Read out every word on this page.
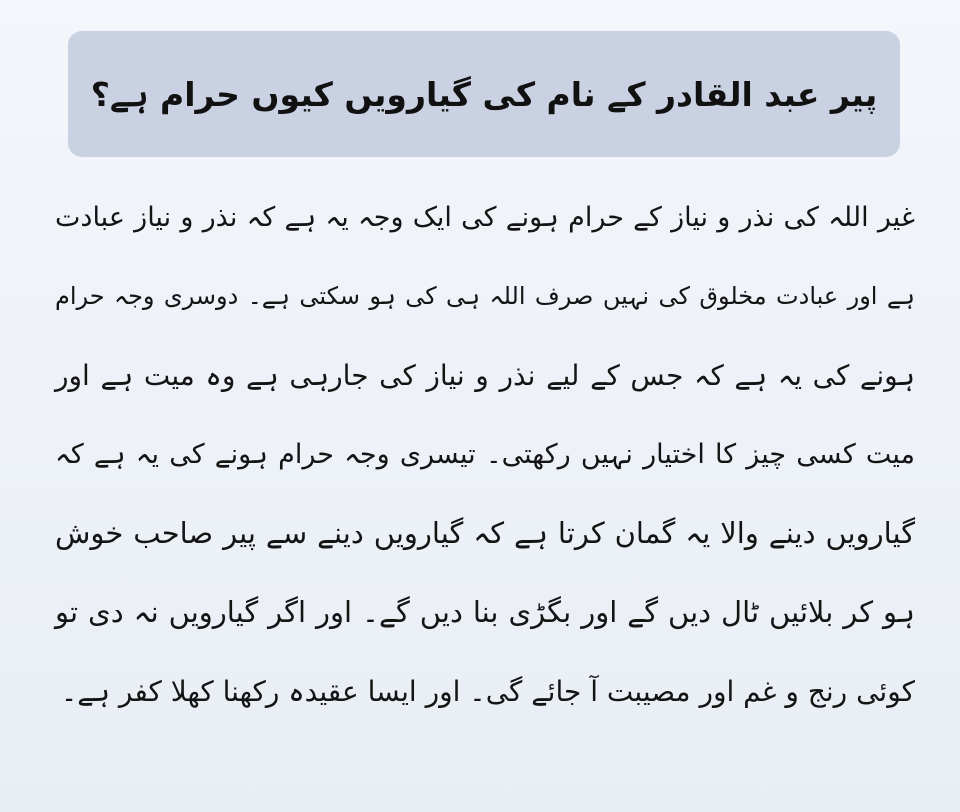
پیر عبد القادر کے نام کی گیارویں کیوں حرام ہے؟
غیر اللہ کی نذر و نیاز کے حرام ہونے کی ایک وجہ یہ ہے کہ نذر و نیاز عبادت
ہے اور عبادت مخلوق کی نہیں صرف اللہ ہی کی ہو سکتی ہے۔ دوسری وجہ حرام
ہونے کی یہ ہے کہ جس کے لیے نذر و نیاز کی جارہی ہے وہ میت ہے اور
میت کسی چیز کا اختیار نہیں رکھتی۔ تیسری وجہ حرام ہونے کی یہ ہے کہ
گیارویں دینے والا یہ گمان کرتا ہے کہ گیارویں دینے سے پیر صاحب خوش
ہو کر بلائیں ٹال دیں گے اور بگڑی بنا دیں گے۔ اور اگر گیارویں نہ دی تو
کوئی رنج و غم اور مصیبت آ جائے گی۔ اور ایسا عقیدہ رکھنا کھلا کفر ہے۔
